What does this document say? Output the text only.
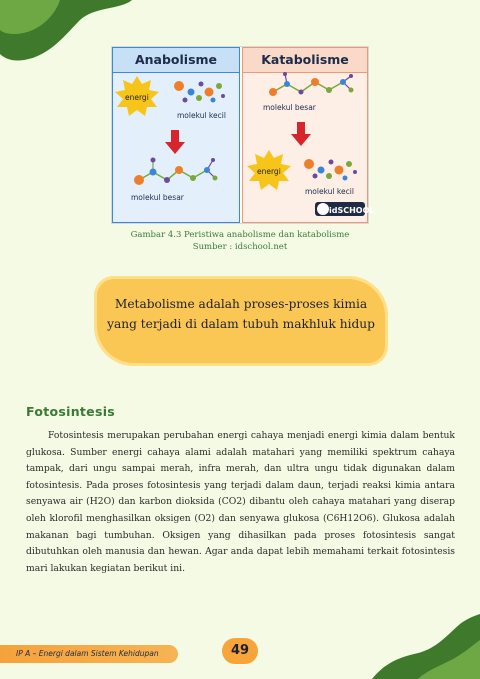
Anabolisme
energi
molekul kecil
molekul besar
Katabolisme
molekul besar
energi
molekul kecil
idSCHOOL
Gambar 4.3 Peristiwa anabolisme dan katabolisme
Sumber : idschool.net
Metabolisme adalah proses-proses kimia
yang terjadi di dalam tubuh makhluk hidup
Fotosintesis
Fotosintesis merupakan perubahan energi cahaya menjadi energi kimia dalam bentuk glukosa. Sumber energi cahaya alami adalah matahari yang memiliki spektrum cahaya tampak, dari ungu sampai merah, infra merah, dan ultra ungu tidak digunakan dalam fotosintesis. Pada proses fotosintesis yang terjadi dalam daun, terjadi reaksi kimia antara senyawa air (H2O) dan karbon dioksida (CO2) dibantu oleh cahaya matahari yang diserap oleh klorofil menghasilkan oksigen (O2) dan senyawa glukosa (C6H12O6). Glukosa adalah makanan bagi tumbuhan. Oksigen yang dihasilkan pada proses fotosintesis sangat dibutuhkan oleh manusia dan hewan. Agar anda dapat lebih memahami terkait fotosintesis mari lakukan kegiatan berikut ini.
IP A – Energi dalam Sistem Kehidupan	49
